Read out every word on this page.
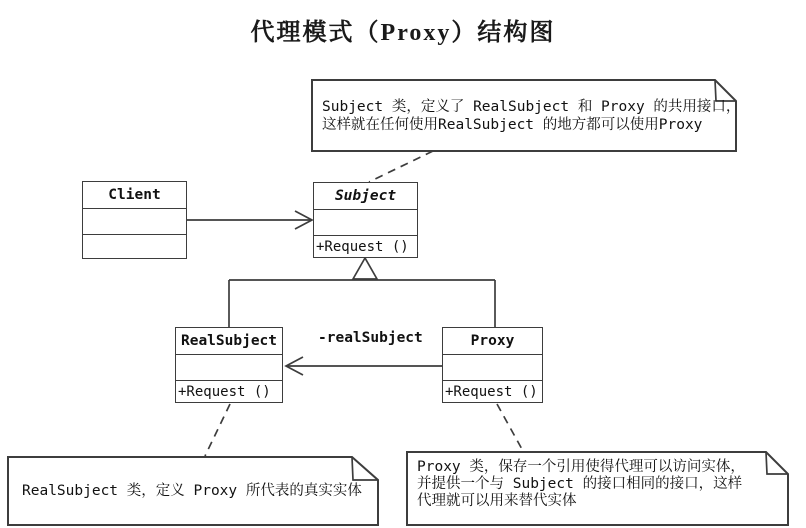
代理模式（Proxy）结构图
Client	Subject
+Request ()
RealSubject
+Request ()
Proxy
+Request ()
-realSubject
Subject 类，定义了 RealSubject 和 Proxy 的共用接口，
这样就在任何使用RealSubject 的地方都可以使用Proxy
RealSubject 类，定义 Proxy 所代表的真实实体
Proxy 类，保存一个引用使得代理可以访问实体，
并提供一个与 Subject 的接口相同的接口，这样
代理就可以用来替代实体
